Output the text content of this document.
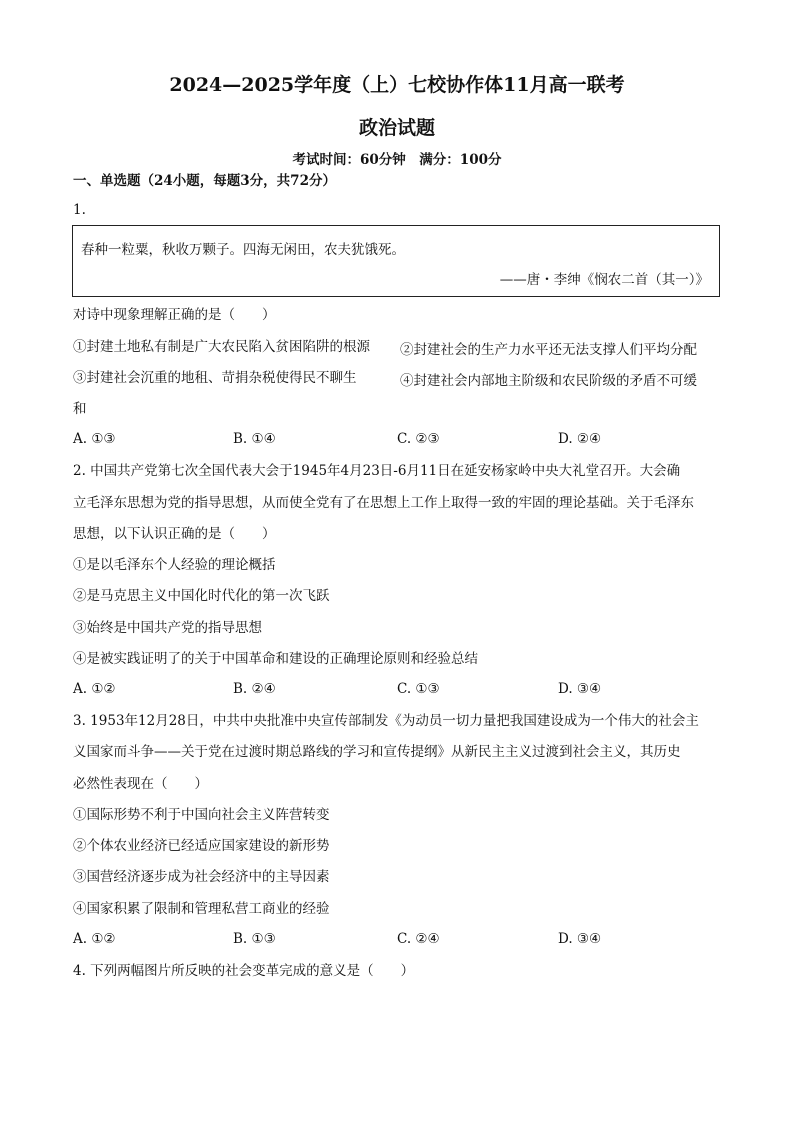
2024—2025学年度（上）七校协作体11月高一联考
政治试题
考试时间：60分钟　满分：100分
一、单选题（24小题，每题3分，共72分）
1.
春种一粒粟，秋收万颗子。四海无闲田，农夫犹饿死。
——唐・李绅《悯农二首（其一）》
对诗中现象理解正确的是（　　）
①封建土地私有制是广大农民陷入贫困陷阱的根源 ②封建社会的生产力水平还无法支撑人们平均分配
③封建社会沉重的地租、苛捐杂税使得民不聊生	④封建社会内部地主阶级和农民阶级的矛盾不可缓
和
A. ①③	B. ①④	C. ②③	D. ②④
2. 中国共产党第七次全国代表大会于1945年4月23日-6月11日在延安杨家岭中央大礼堂召开。大会确
立毛泽东思想为党的指导思想，从而使全党有了在思想上工作上取得一致的牢固的理论基础。关于毛泽东
思想，以下认识正确的是（　　）
①是以毛泽东个人经验的理论概括
②是马克思主义中国化时代化的第一次飞跃
③始终是中国共产党的指导思想
④是被实践证明了的关于中国革命和建设的正确理论原则和经验总结
A. ①②	B. ②④	C. ①③	D. ③④
3. 1953年12月28日，中共中央批准中央宣传部制发《为动员一切力量把我国建设成为一个伟大的社会主
义国家而斗争——关于党在过渡时期总路线的学习和宣传提纲》从新民主主义过渡到社会主义，其历史
必然性表现在（　　）
①国际形势不利于中国向社会主义阵营转变
②个体农业经济已经适应国家建设的新形势
③国营经济逐步成为社会经济中的主导因素
④国家积累了限制和管理私营工商业的经验
A. ①②	B. ①③	C. ②④	D. ③④
4. 下列两幅图片所反映的社会变革完成的意义是（　　）
